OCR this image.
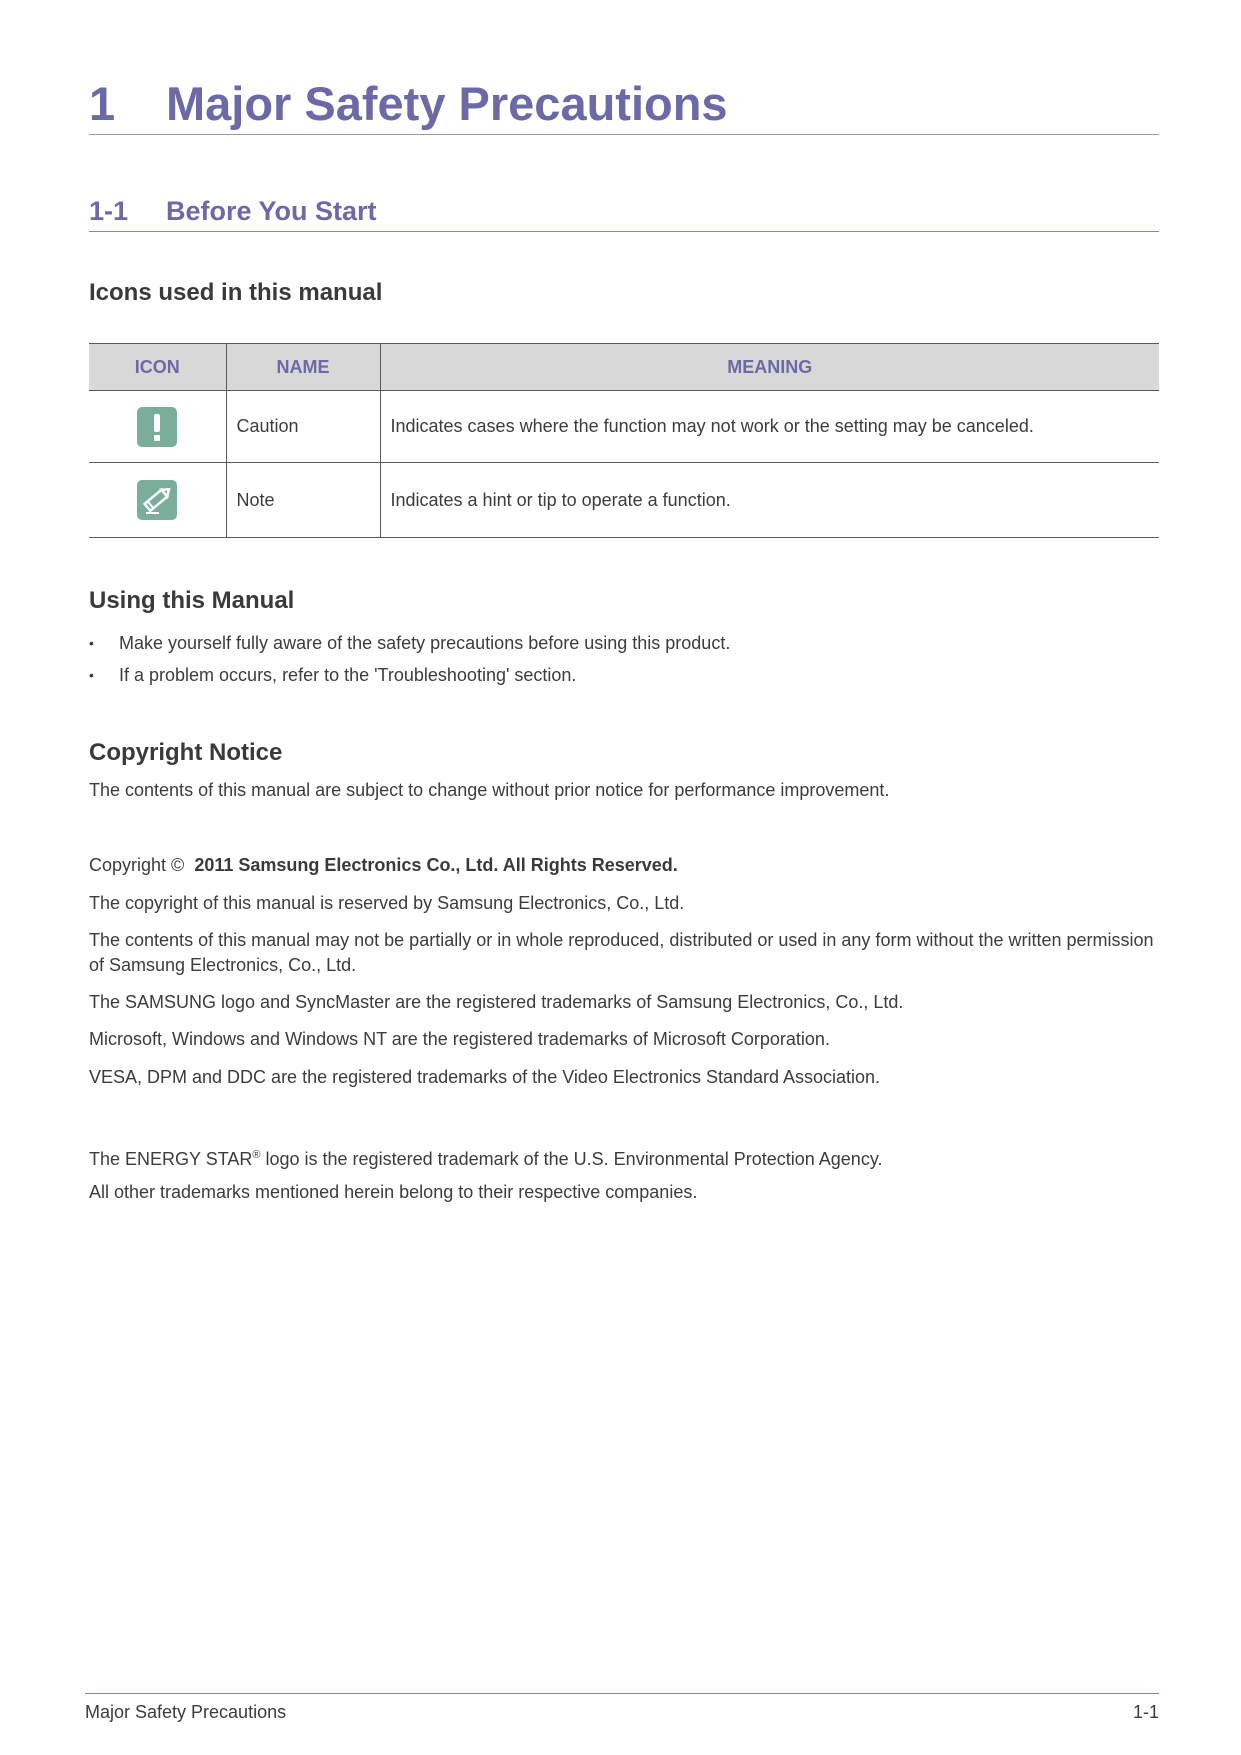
1 Major Safety Precautions
1-1 Before You Start
Icons used in this manual
ICON	NAME	MEANING

	Caution	Indicates cases where the function may not work or the setting may be canceled.

	Note	Indicates a hint or tip to operate a function.
Using this Manual
• Make yourself fully aware of the safety precautions before using this product.
• If a problem occurs, refer to the 'Troubleshooting' section.
Copyright Notice

The contents of this manual are subject to change without prior notice for performance improvement.

Copyright © 2011 Samsung Electronics Co., Ltd. All Rights Reserved.

The copyright of this manual is reserved by Samsung Electronics, Co., Ltd.

The contents of this manual may not be partially or in whole reproduced, distributed or used in any form without the written permission of Samsung Electronics, Co., Ltd.

The SAMSUNG logo and SyncMaster are the registered trademarks of Samsung Electronics, Co., Ltd.

Microsoft, Windows and Windows NT are the registered trademarks of Microsoft Corporation.

VESA, DPM and DDC are the registered trademarks of the Video Electronics Standard Association.

The ENERGY STAR® logo is the registered trademark of the U.S. Environmental Protection Agency.

All other trademarks mentioned herein belong to their respective companies.

Major Safety Precautions	1-1
